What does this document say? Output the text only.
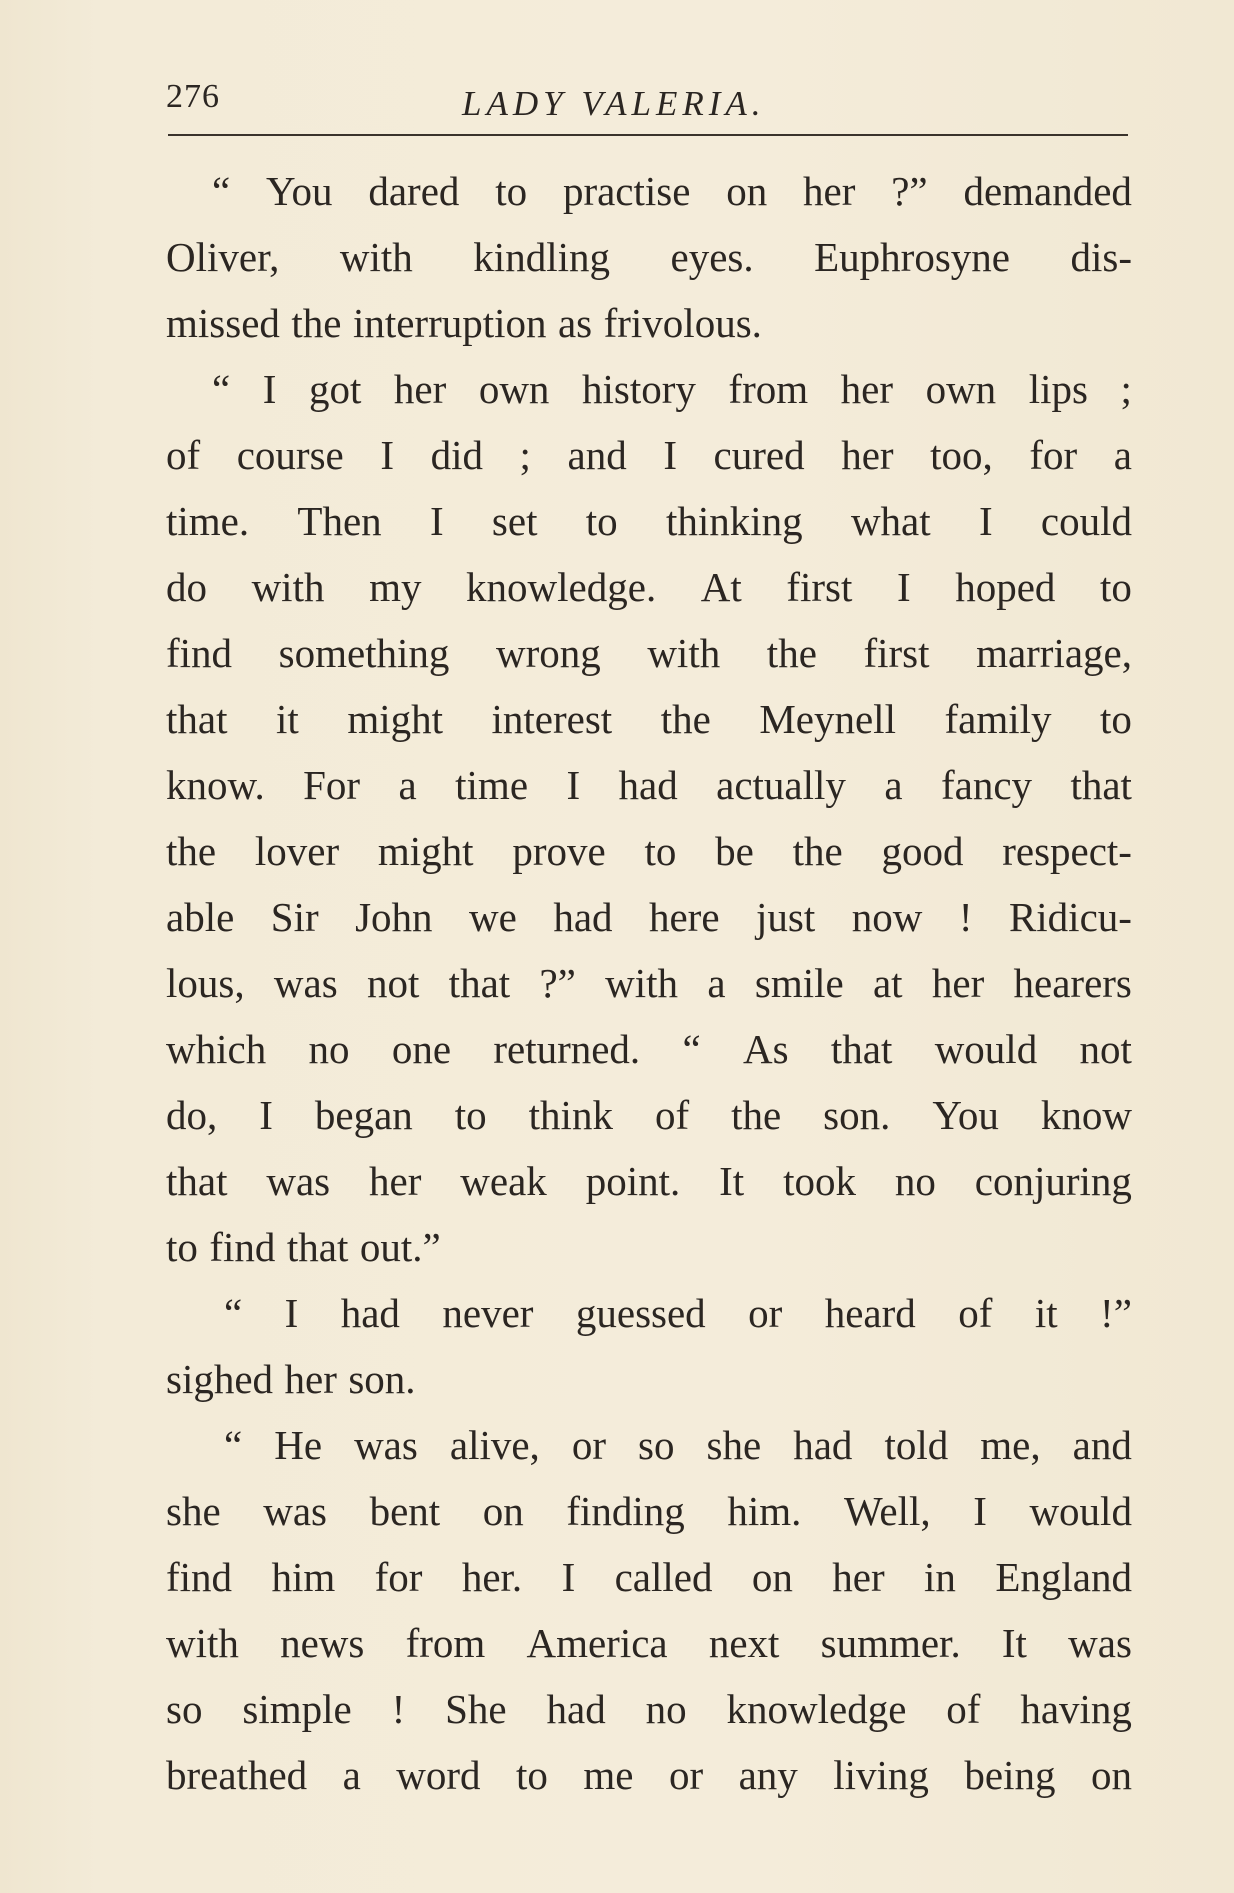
276	LADY VALERIA.
“ You dared to practise on her ?” demanded
Oliver, with kindling eyes. Euphrosyne dis-
missed the interruption as frivolous.
“ I got her own history from her own lips ;
of course I did ; and I cured her too, for a
time. Then I set to thinking what I could
do with my knowledge. At first I hoped to
find something wrong with the first marriage,
that it might interest the Meynell family to
know. For a time I had actually a fancy that
the lover might prove to be the good respect-
able Sir John we had here just now ! Ridicu-
lous, was not that ?” with a smile at her hearers
which no one returned. “ As that would not
do, I began to think of the son. You know
that was her weak point. It took no conjuring
to find that out.”
“ I had never guessed or heard of it !”
sighed her son.
“ He was alive, or so she had told me, and
she was bent on finding him. Well, I would
find him for her. I called on her in England
with news from America next summer. It was
so simple ! She had no knowledge of having
breathed a word to me or any living being on
